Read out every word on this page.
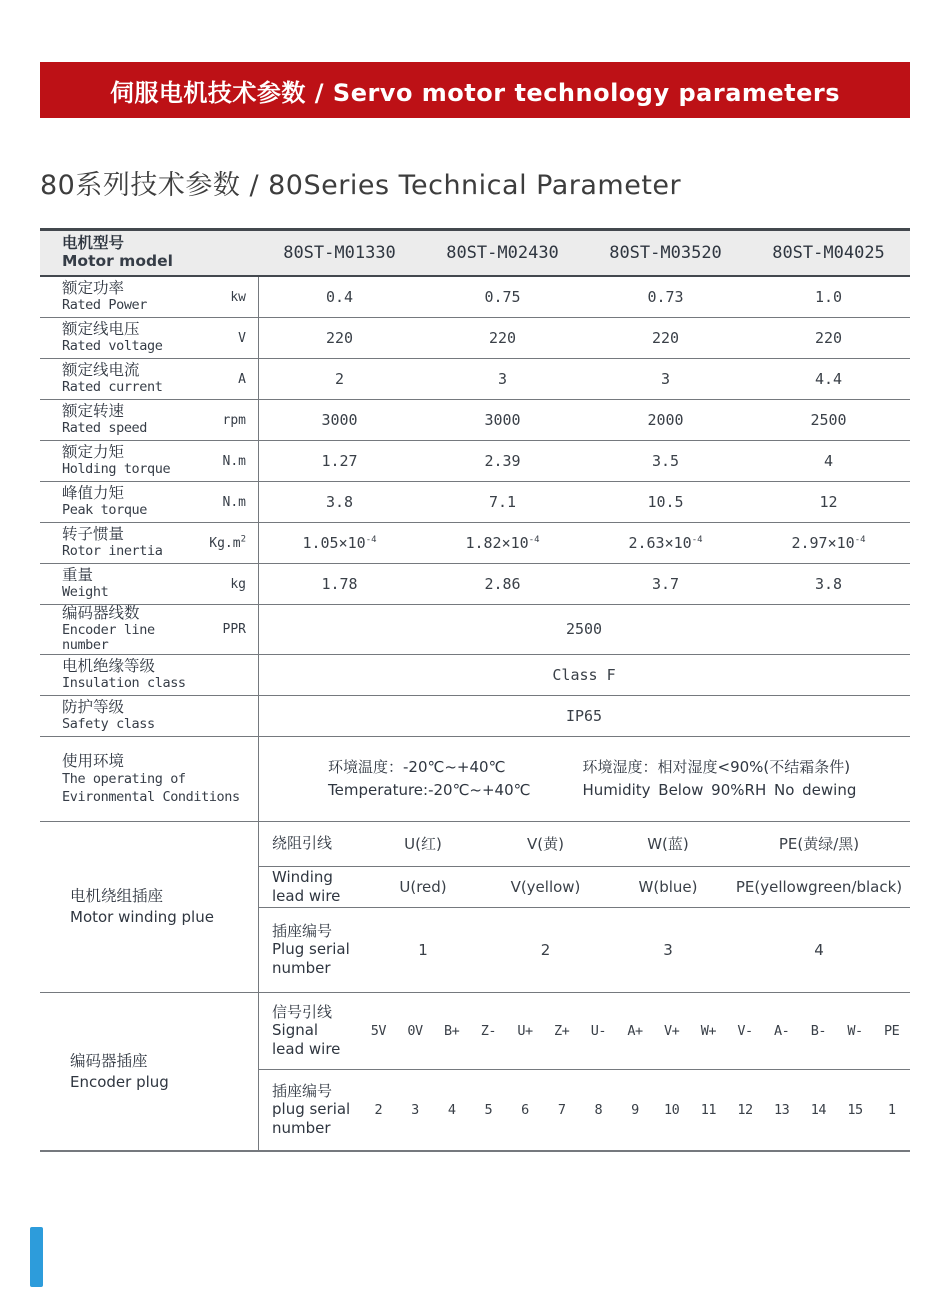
伺服电机技术参数 / Servo motor technology parameters
80系列技术参数 / 80Series Technical Parameter
电机型号
Motor model	80ST-M01330	80ST-M02430	80ST-M03520	80ST-M04025
额定功率
Rated Power
kw	0.4	0.75	0.73	1.0
额定线电压
Rated voltage
V	220	220	220	220
额定线电流
Rated current
A	2	3	3	4.4
额定转速
Rated speed
rpm	3000	3000	2000	2500
额定力矩
Holding torque
N.m	1.27	2.39	3.5	4
峰值力矩
Peak torque
N.m	3.8	7.1	10.5	12
转子惯量
Rotor inertia
$Kg.m^2$	$1.05\times 10^{-4}$	$1.82\times 10^{-4}$	$2.63\times 10^{-4}$	$2.97\times 10^{-4}$
重量
Weight
kg	1.78	2.86	3.7	3.8
编码器线数
Encoder line number
PPR	2500
电机绝缘等级
Insulation class	Class F
防护等级
Safety class	IP65
使用环境
The operating of
Evironmental Conditions
环境温度：-20℃~+40℃
Temperature:-20℃~+40℃
环境湿度：相对湿度<90%(不结霜条件)
Humidity Below 90%RH No dewing
电机绕组插座
Motor winding plue
绕阻引线	U(红)	V(黄)	W(蓝)	PE(黄绿/黑)
Winding
lead wire	U(red)	V(yellow)	W(blue)	PE(yellowgreen/black)
插座编号
Plug serial
number
1	2	3	4
编码器插座
Encoder plug
信号引线
Signal
lead wire
5V	0V	B+	Z-	U+	Z+	U-	A+	V+	W+	V-	A-	B-	W-	PE
插座编号
plug serial
number
2	3	4	5	6	7	8	9	10	11	12	13	14	15	1
